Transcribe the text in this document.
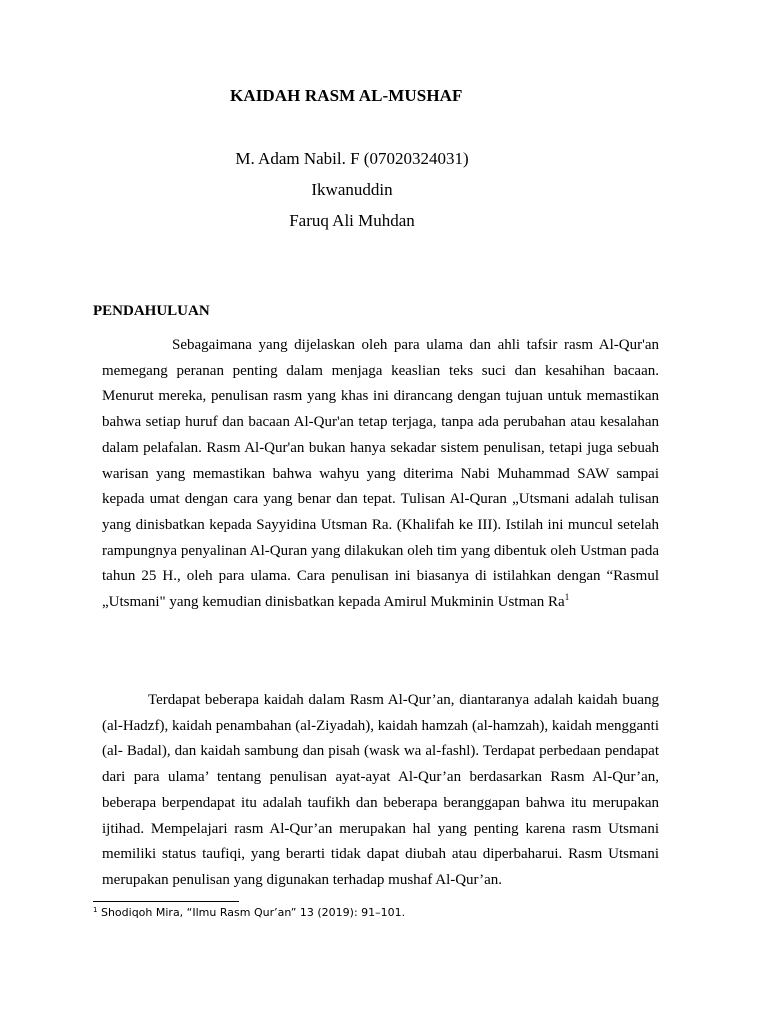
KAIDAH RASM AL-MUSHAF
M. Adam Nabil. F (07020324031)
Ikwanuddin
Faruq Ali Muhdan
PENDAHULUAN

Sebagaimana yang dijelaskan oleh para ulama dan ahli tafsir rasm Al-Qur'an memegang peranan penting dalam menjaga keaslian teks suci dan kesahihan bacaan. Menurut mereka, penulisan rasm yang khas ini dirancang dengan tujuan untuk memastikan bahwa setiap huruf dan bacaan Al-Qur'an tetap terjaga, tanpa ada perubahan atau kesalahan dalam pelafalan. Rasm Al-Qur'an bukan hanya sekadar sistem penulisan, tetapi juga sebuah warisan yang memastikan bahwa wahyu yang diterima Nabi Muhammad SAW sampai kepada umat dengan cara yang benar dan tepat. Tulisan Al-Quran „Utsmani adalah tulisan yang dinisbatkan kepada Sayyidina Utsman Ra. (Khalifah ke III). Istilah ini muncul setelah rampungnya penyalinan Al-Quran yang dilakukan oleh tim yang dibentuk oleh Ustman pada tahun 25 H., oleh para ulama. Cara penulisan ini biasanya di istilahkan dengan “Rasmul „Utsmani" yang kemudian dinisbatkan kepada Amirul Mukminin Ustman Ra$^1$

Terdapat beberapa kaidah dalam Rasm Al-Qur’an, diantaranya adalah kaidah buang (al-Hadzf), kaidah penambahan (al-Ziyadah), kaidah hamzah (al-hamzah), kaidah mengganti (al- Badal), dan kaidah sambung dan pisah (wask wa al-fashl). Terdapat perbedaan pendapat dari para ulama’ tentang penulisan ayat-ayat Al-Qur’an berdasarkan Rasm Al-Qur’an, beberapa berpendapat itu adalah taufikh dan beberapa beranggapan bahwa itu merupakan ijtihad. Mempelajari rasm Al-Qur’an merupakan hal yang penting karena rasm Utsmani memiliki status taufiqi, yang berarti tidak dapat diubah atau diperbaharui. Rasm Utsmani merupakan penulisan yang digunakan terhadap mushaf Al-Qur’an.

$^1$ Shodiqoh Mira, “Ilmu Rasm Qur’an” 13 (2019): 91–101.
